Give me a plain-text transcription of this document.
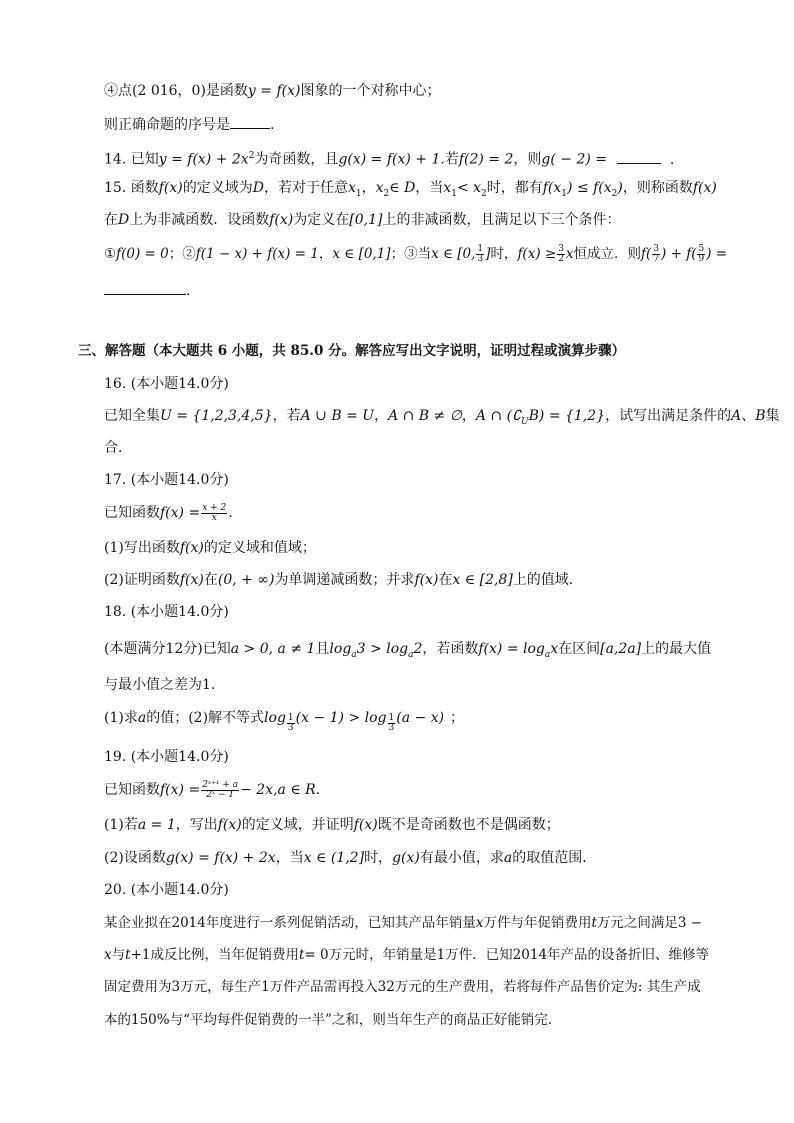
④点(2 016，0)是函数y = f(x)图象的一个对称中心；
则正确命题的序号是	.
14. 已知$y = f(x) + 2x^2$为奇函数，且g(x) = f(x) + 1.若f(2) = 2，则g( − 2) =	.
15. 函数f(x)的定义域为D，若对于任意$x_1$，$x_2\in$ D，当$x_1< x_2$时，都有$f(x_1) \le f(x_2)$，则称函数f(x)
在D上为非减函数．设函数f(x)为定义在[0,1]上的非减函数，且满足以下三个条件：
①f(0) = 0；②f(1 − x) + f(x) = 1，x ∈ [0,1]；③当x ∈ [0, $\frac{1}{3}$ ]时，$f(x) \ge \frac{3}{2}$ x恒成立．则$f( \frac{3}{7}$ ) + $f( \frac{5}{9}$ ) =
.
三、解答题（本大题共 6 小题，共 85.0 分。解答应写出文字说明，证明过程或演算步骤）
16. (本小题14.0分)
已知全集U = {1,2,3,4,5}，若A ∪ B = U，A ∩ B ≠ ∅，A ∩ $(∁_UB) = \{1,2\}$，试写出满足条件的A、B集
合．
17. (本小题14.0分)
已知函数$f(x) = \frac{x + 2}{x}$ .
(1)写出函数f(x)的定义域和值域；
(2)证明函数f(x)在(0, + ∞)为单调递减函数；并求f(x)在x ∈ [2,8]上的值域．
18. (本小题14.0分)
(本题满分12分)已知a > 0, a ≠ 1且$\log_a3 > \log_a2$，若函数$f(x) = \log_ax$在区间[a,2a]上的最大值
与最小值之差为1.
(1)求a的值；(2)解不等式$\log \frac{1}{3} (x - 1) > \log \frac{1}{3} (a - x)$ ；
19. (本小题14.0分)
已知函数$f(x) = \frac{\text{2ˣ⁺¹ + a}}{\text{2ˣ − 1}} - 2x,a$ ∈ R.
(1)若a = 1，写出f(x)的定义域，并证明f(x)既不是奇函数也不是偶函数；
(2)设函数g(x) = f(x) + 2x，当x ∈ (1,2]时，g(x)有最小值，求a的取值范围．
20. (本小题14.0分)
某企业拟在2014年度进行一系列促销活动，已知其产品年销量x万件与年促销费用t万元之间满足3 −
x与t+1成反比例，当年促销费用t= 0万元时，年销量是1万件．已知2014年产品的设备折旧、维修等
固定费用为3万元，每生产1万件产品需再投入32万元的生产费用，若将每件产品售价定为: 其生产成
本的150%与“平均每件促销费的一半”之和，则当年生产的商品正好能销完.
